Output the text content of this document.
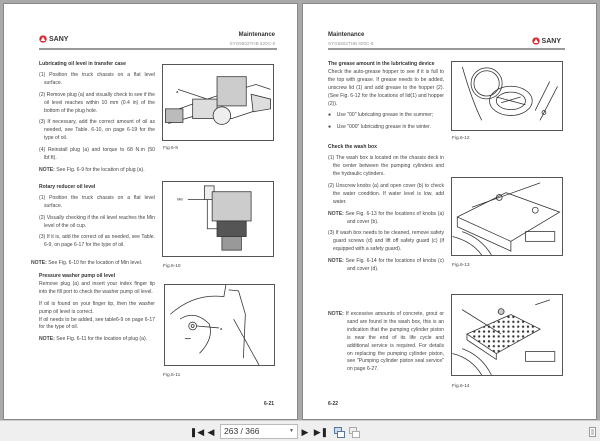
SANY
Maintenance
SYG5502THB 820C-8
Lubricating oil level in transfer case

(1) Position the truck chassis on a flat level surface.

(2) Remove plug (a) and visually check to see if the oil level reaches within 10 mm (0.4 in) of the bottom of the plug hole.

(3) If necessary, add the correct amount of oil as needed, see Table. 6-10, on page 6-19 for the type of oil.

(4) Reinstall plug (a) and torque to 68 N.m (50 lbf.ft).

NOTE: See Fig. 6-9 for the location of plug (a).

Rotary reducer oil level

(1) Position the truck chassis on a flat level surface.

(2) Visually checking if the oil level reaches the Min level of the oil cup.

(3) If it is, add the correct oil as needed, see Table. 6-9, on page 6-17 for the type of oil.

NOTE: See Fig. 6-10 for the location of Min level.
Pressure washer pump oil level

Remove plug (a) and insert your index finger tip into the fill port to check the washer pump oil level.

If oil is found on your finger tip, then the washer pump oil level is correct.

If oil needs to be added, see table6-9 on page 6-17 for the type of oil.

NOTE: See Fig. 6-11 for the location of plug (a).

a
Fig.6-9
Min
Fig.6-10
a
Fig.6-11
6-21
Maintenance
SYG5502THB 820C-8	SANY
The grease amount in the lubricating device

Check the auto-grease hopper to see if it is full to the top with grease. If grease needs to be added, unscrew lid (1) and add grease to the hopper (2). (See Fig. 6-12 for the locations of lid(1) and hopper (2)).

●    Use "00" lubricating grease in the summer;

●    Use "000" lubricating grease in the winter.

Check the wash box

(1) The wash box is located on the chassis deck in the center between the pumping cylinders and the hydraulic cylinders.

(2) Unscrew knobs (a) and open cover (b) to check the water condition. If water level is low, add water.

NOTE: See Fig. 6-13 for the locations of knobs (a) and cover (b).

(3) If wash box needs to be cleaned, remove safety guard screws (d) and lift off safety guard (c) (if equipped with a safety guard).

NOTE: See Fig. 6-14 for the locations of knobs (c) and cover (d).

NOTE: If excessive amounts of concrete, grout or sand are found in the wash box, this is an indication that the pumping cylinder piston is near the end of its life cycle and additional service is required. For details on replacing the pumping cylinder piston, see "Pumping cylinder piston seal service" on page 6-27.
Fig.6-12
Fig.6-13
Fig.6-14
6-22
❚◀ ◀	263 / 366	▼ ▶ ▶❚
